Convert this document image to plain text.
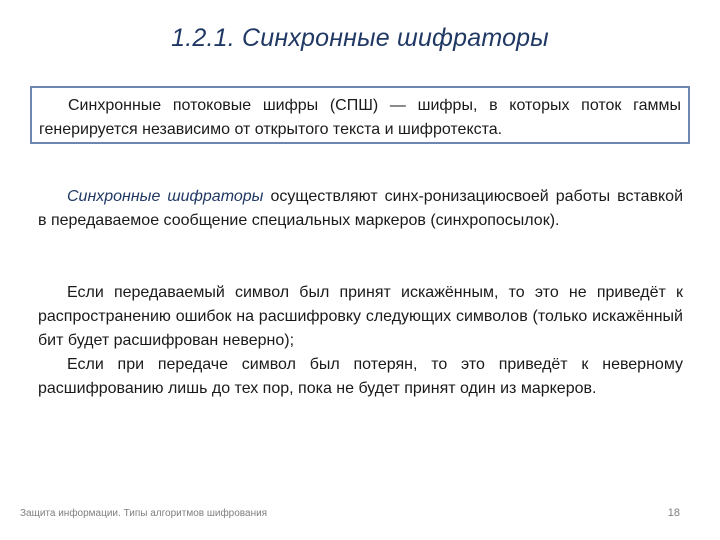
1.2.1. Синхронные шифраторы

Синхронные потоковые шифры (СПШ) — шифры, в которых поток гаммы генерируется независимо от открытого текста и шифротекста.

Синхронные шифраторы осуществляют синх-ронизациюсвоей работы вставкой в передаваемое сообщение специальных маркеров (синхропосылок).

Если передаваемый символ был принят искажённым, то это не приведёт к распространению ошибок на расшифровку следующих символов (только искажённый бит будет расшифрован неверно);

Если при передаче символ был потерян, то это приведёт к неверному расшифрованию лишь до тех пор, пока не будет принят один из маркеров.

Защита информации. Типы алгоритмов шифрования	18
